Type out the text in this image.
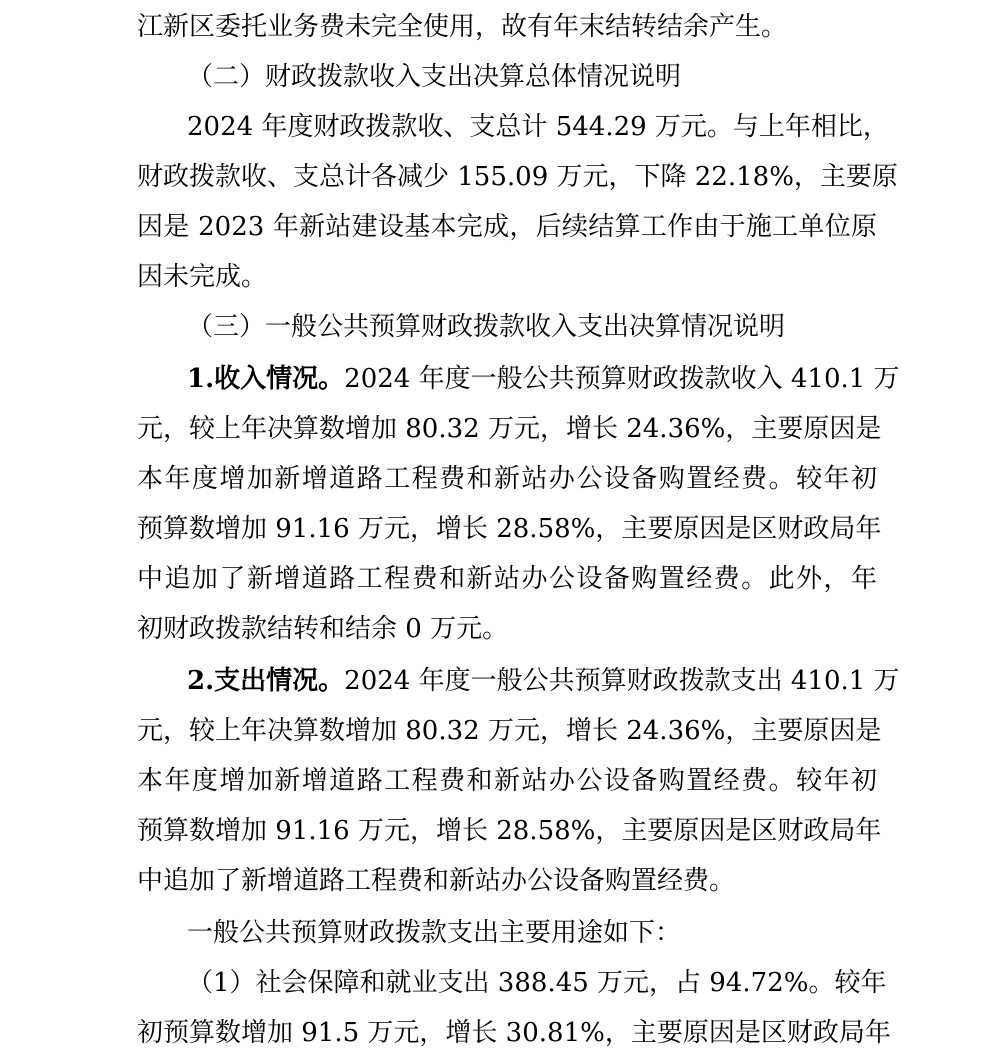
江新区委托业务费未完全使用，故有年末结转结余产生。
（二）财政拨款收入支出决算总体情况说明
2024 年度财政拨款收、支总计 544.29 万元。与上年相比，
财政拨款收、支总计各减少 155.09 万元，下降 22.18%，主要原
因是 2023 年新站建设基本完成，后续结算工作由于施工单位原
因未完成。
（三）一般公共预算财政拨款收入支出决算情况说明
1.收入情况。2024 年度一般公共预算财政拨款收入 410.1 万
元，较上年决算数增加 80.32 万元，增长 24.36%，主要原因是
本年度增加新增道路工程费和新站办公设备购置经费。较年初
预算数增加 91.16 万元，增长 28.58%，主要原因是区财政局年
中追加了新增道路工程费和新站办公设备购置经费。此外，年
初财政拨款结转和结余 0 万元。
2.支出情况。2024 年度一般公共预算财政拨款支出 410.1 万
元，较上年决算数增加 80.32 万元，增长 24.36%，主要原因是
本年度增加新增道路工程费和新站办公设备购置经费。较年初
预算数增加 91.16 万元，增长 28.58%，主要原因是区财政局年
中追加了新增道路工程费和新站办公设备购置经费。
一般公共预算财政拨款支出主要用途如下：
（1）社会保障和就业支出 388.45 万元，占 94.72%。较年
初预算数增加 91.5 万元，增长 30.81%，主要原因是区财政局年
